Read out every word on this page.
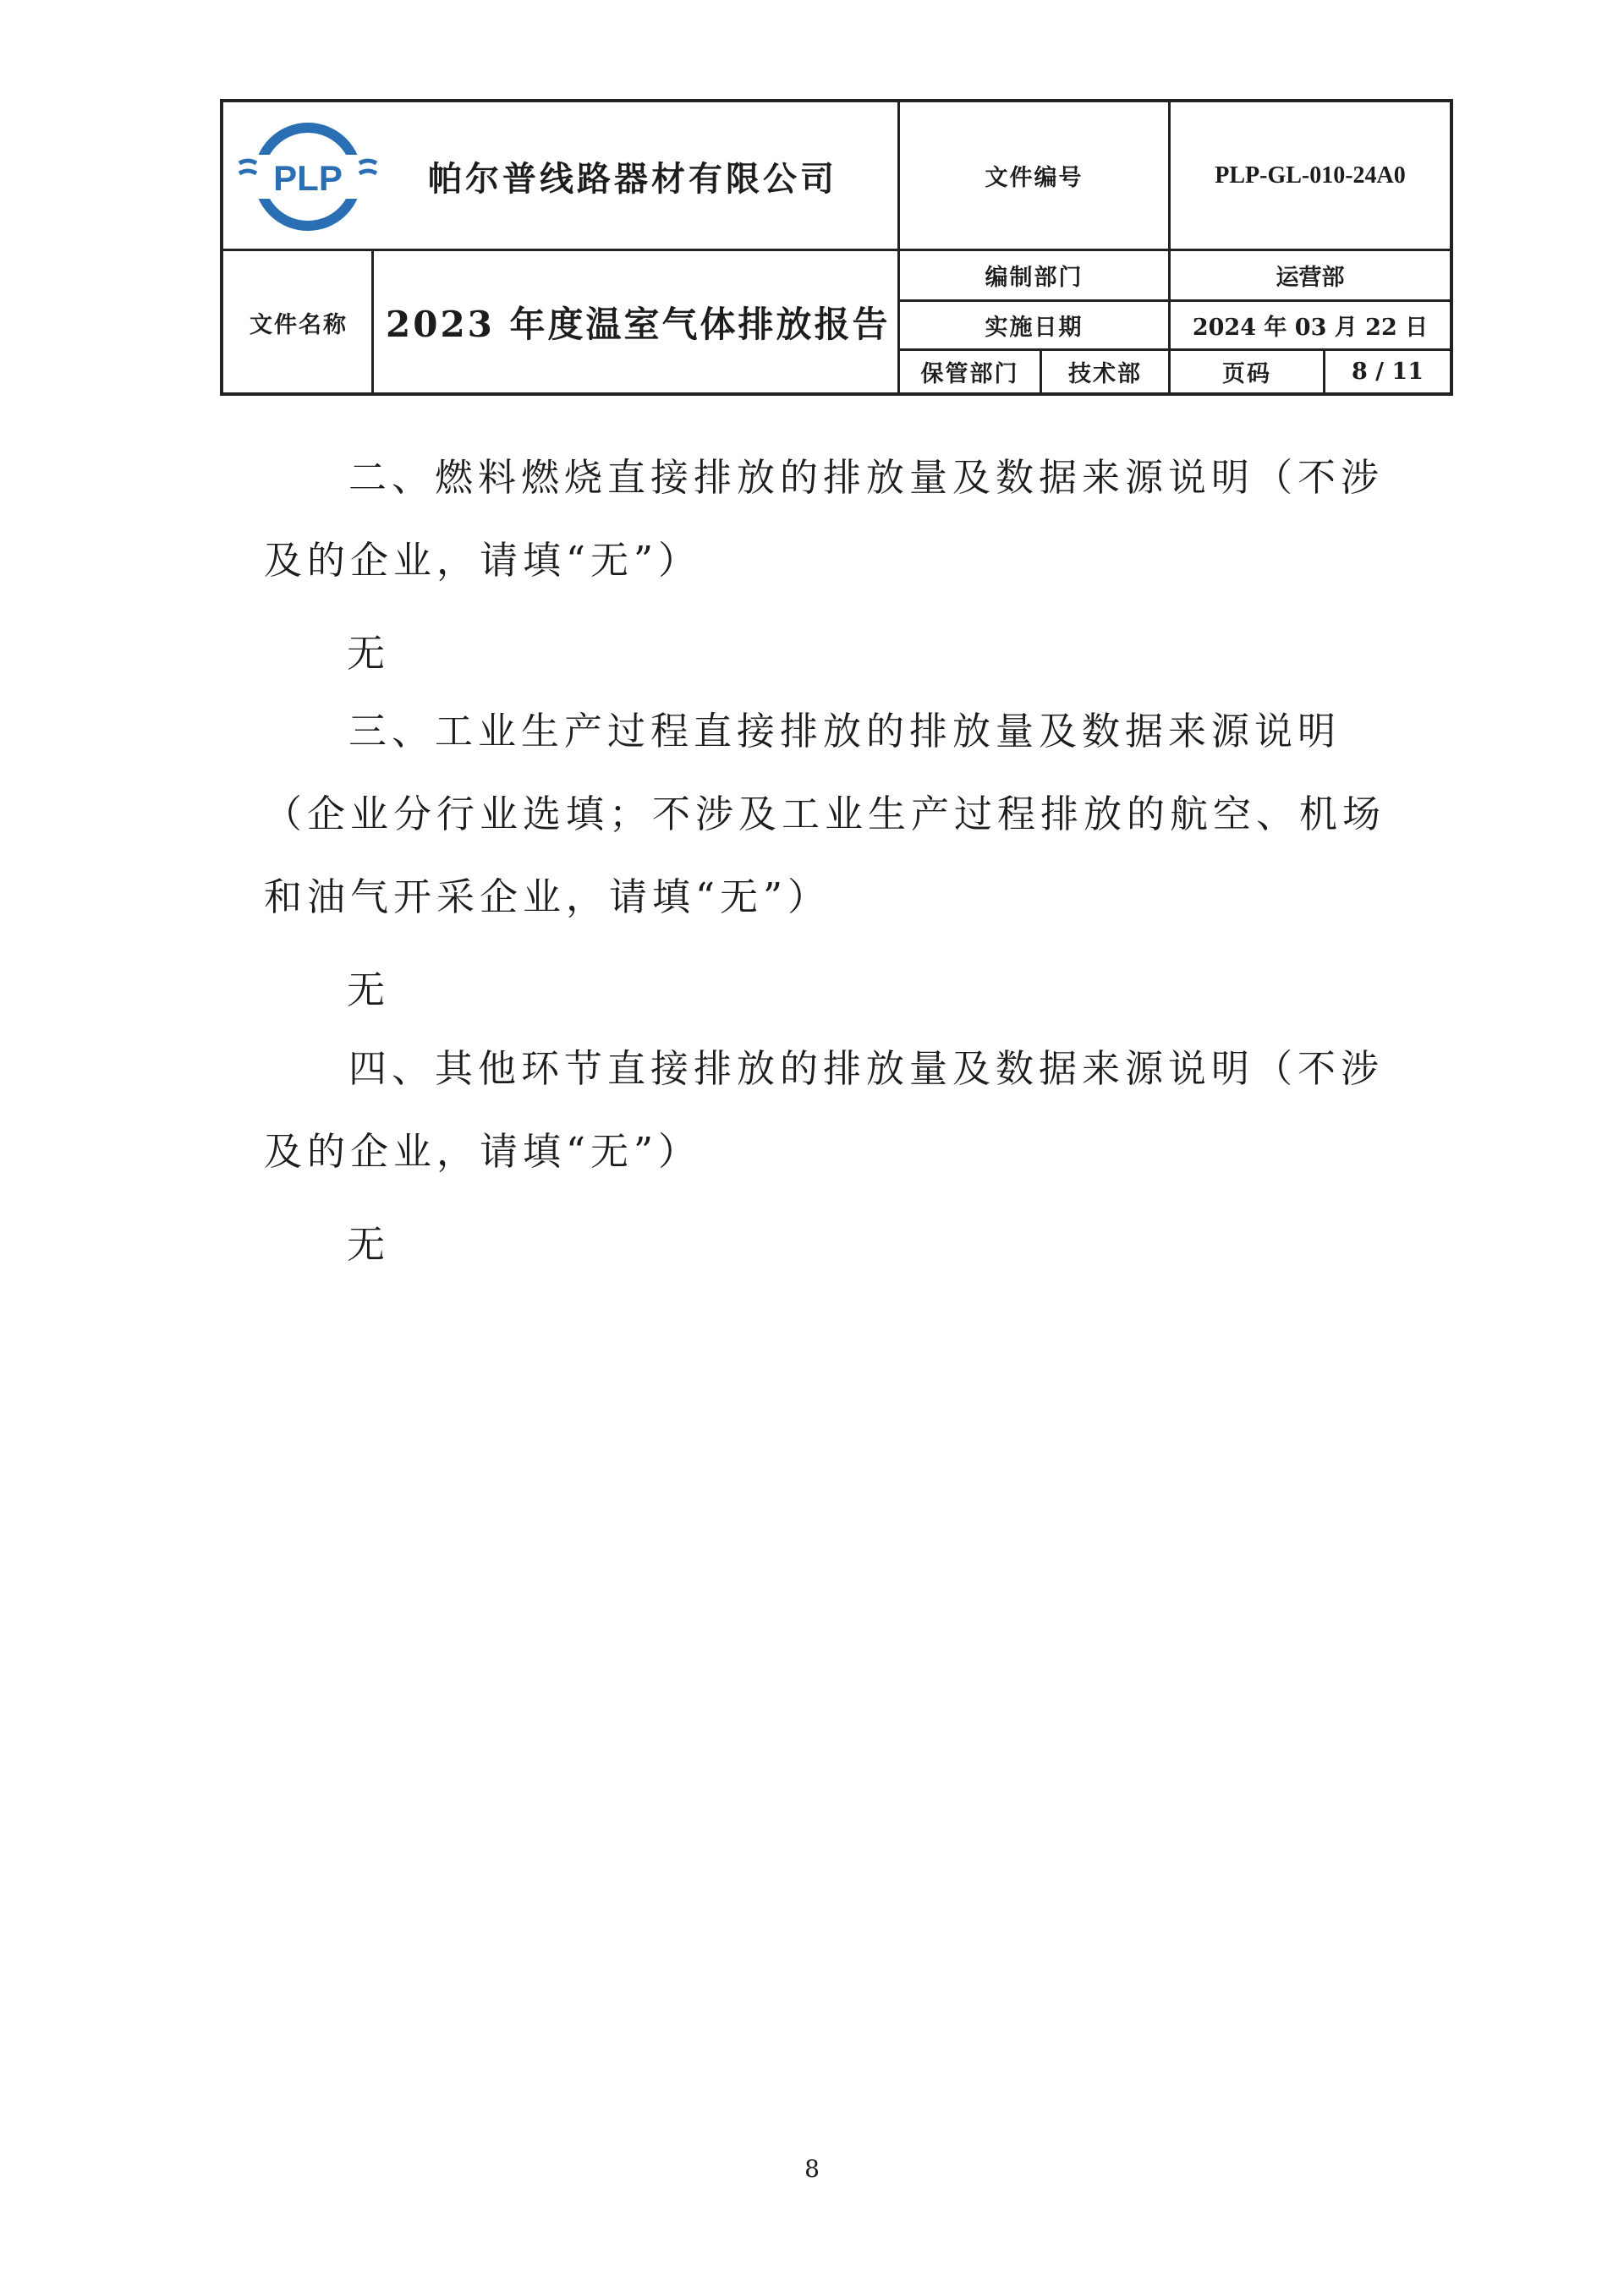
PLP	帕尔普线路器材有限公司	文件编号	PLP-GL-010-24A0
文件名称	2023 年度温室气体排放报告
编制部门	运营部
实施日期	2024 年 03 月 22 日
保管部门	技术部	页码	8 / 11

二、燃料燃烧直接排放的排放量及数据来源说明（不涉及的企业，请填“无”）

无

三、工业生产过程直接排放的排放量及数据来源说明（企业分行业选填；不涉及工业生产过程排放的航空、机场和油气开采企业，请填“无”）

无

四、其他环节直接排放的排放量及数据来源说明（不涉及的企业，请填“无”）

无

8
